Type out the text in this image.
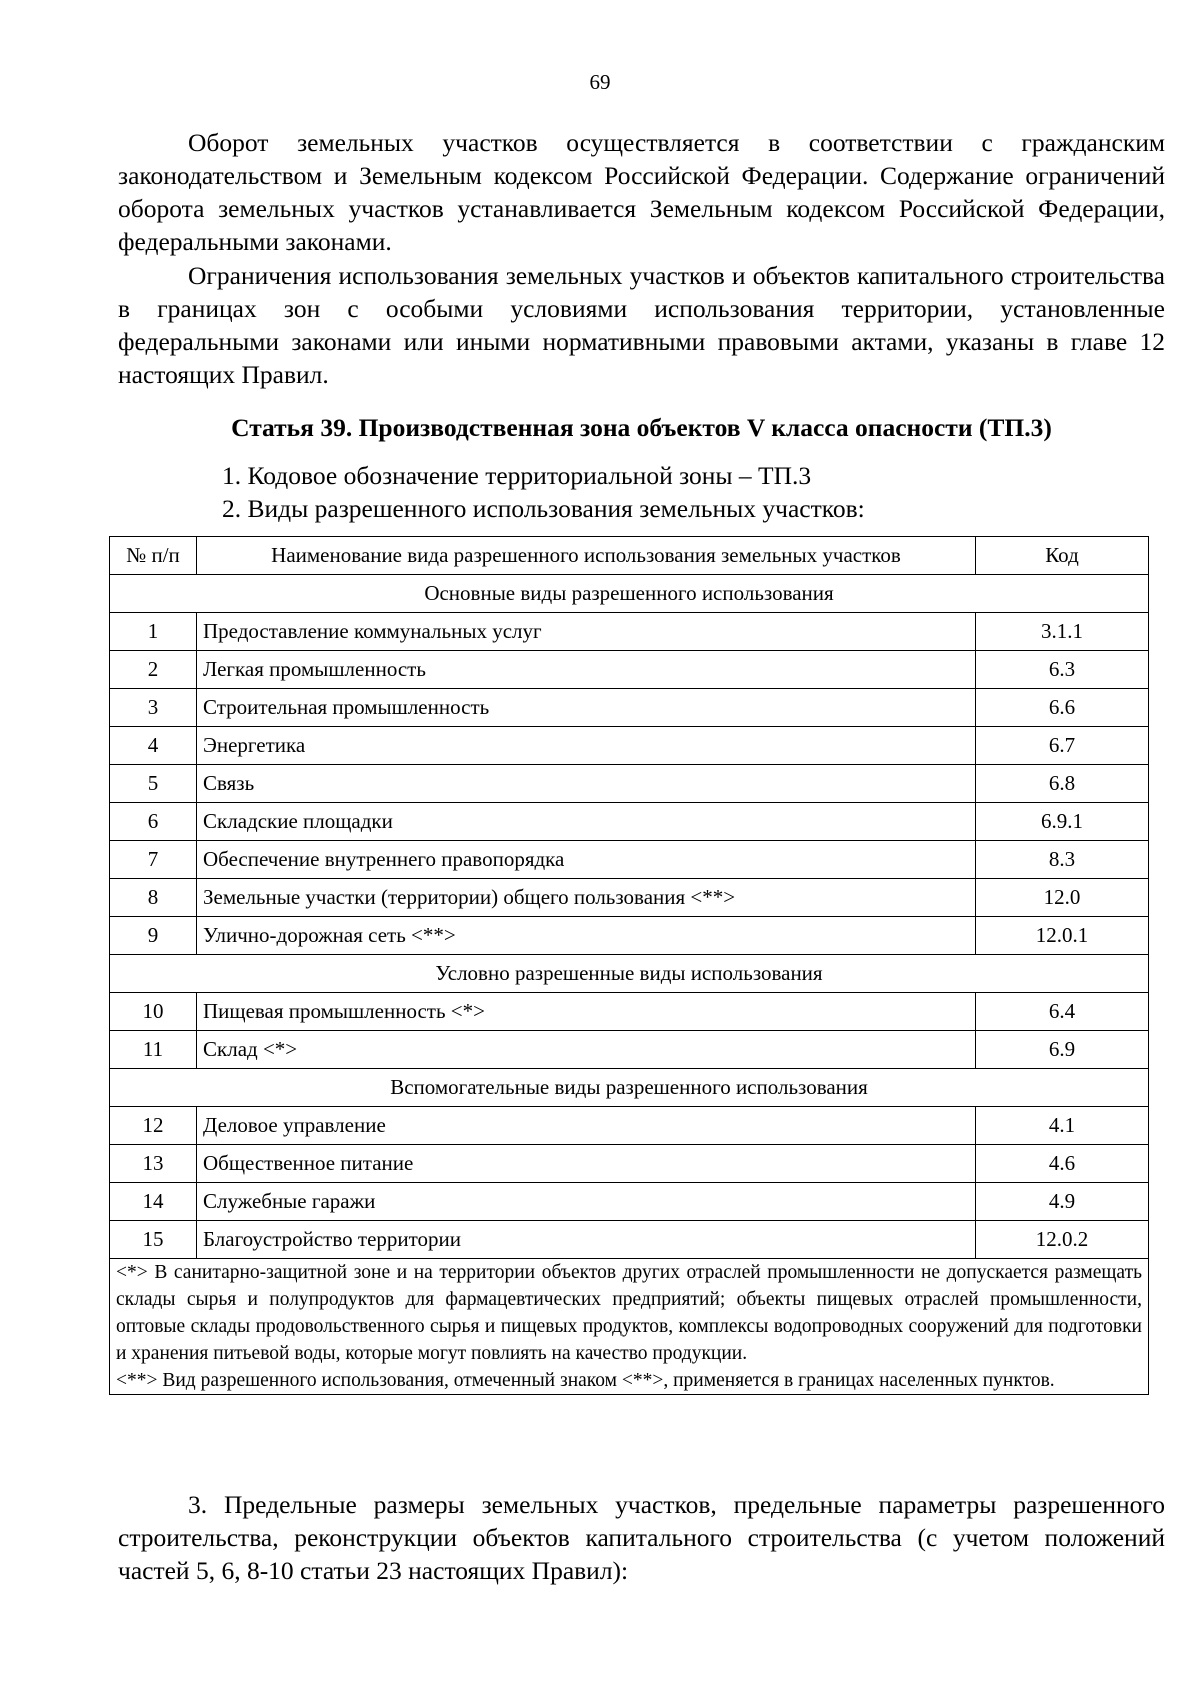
69

Оборот земельных участков осуществляется в соответствии с гражданским законодательством и Земельным кодексом Российской Федерации. Содержание ограничений оборота земельных участков устанавливается Земельным кодексом Российской Федерации, федеральными законами.

Ограничения использования земельных участков и объектов капитального строительства в границах зон с особыми условиями использования территории, установленные федеральными законами или иными нормативными правовыми актами, указаны в главе 12 настоящих Правил.

Статья 39. Производственная зона объектов V класса опасности (ТП.3)
1. Кодовое обозначение территориальной зоны – ТП.3
2. Виды разрешенного использования земельных участков:
№ п/п	Наименование вида разрешенного использования земельных участков	Код
Основные виды разрешенного использования		
1	Предоставление коммунальных услуг	3.1.1
2	Легкая промышленность	6.3
3	Строительная промышленность	6.6
4	Энергетика	6.7
5	Связь	6.8
6	Складские площадки	6.9.1
7	Обеспечение внутреннего правопорядка	8.3
8	Земельные участки (территории) общего пользования <**>	12.0
9	Улично-дорожная сеть <**>	12.0.1
Условно разрешенные виды использования		
10	Пищевая промышленность <*>	6.4
11	Склад <*>	6.9
Вспомогательные виды разрешенного использования		
12	Деловое управление	4.1
13	Общественное питание	4.6
14	Служебные гаражи	4.9
15	Благоустройство территории	12.0.2

<*> В санитарно-защитной зоне и на территории объектов других отраслей промышленности не допускается размещать склады сырья и полупродуктов для фармацевтических предприятий; объекты пищевых отраслей промышленности, оптовые склады продовольственного сырья и пищевых продуктов, комплексы водопроводных сооружений для подготовки и хранения питьевой воды, которые могут повлиять на качество продукции.
<**> Вид разрешенного использования, отмеченный знаком <**>, применяется в границах населенных пунктов.		

3. Предельные размеры земельных участков, предельные параметры разрешенного строительства, реконструкции объектов капитального строительства (с учетом положений частей 5, 6, 8-10 статьи 23 настоящих Правил):
